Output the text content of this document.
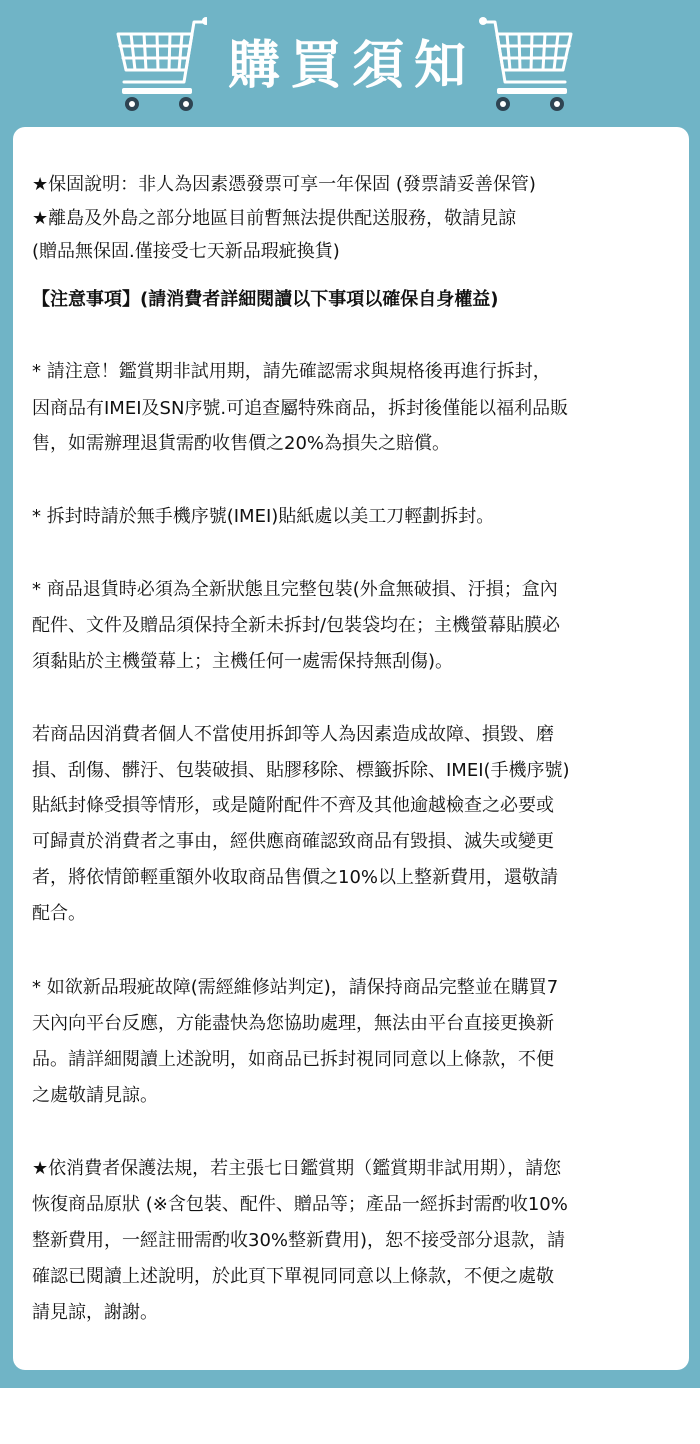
購買須知
★保固說明：非人為因素憑發票可享一年保固 (發票請妥善保管)
★離島及外島之部分地區目前暫無法提供配送服務，敬請見諒
(贈品無保固.僅接受七天新品瑕疵換貨)
【注意事項】(請消費者詳細閱讀以下事項以確保自身權益)
* 請注意！鑑賞期非試用期，請先確認需求與規格後再進行拆封，
因商品有IMEI及SN序號.可追查屬特殊商品，拆封後僅能以福利品販
售，如需辦理退貨需酌收售價之20%為損失之賠償。
* 拆封時請於無手機序號(IMEI)貼紙處以美工刀輕劃拆封。
* 商品退貨時必須為全新狀態且完整包裝(外盒無破損、汙損；盒內
配件、文件及贈品須保持全新未拆封/包裝袋均在；主機螢幕貼膜必
須黏貼於主機螢幕上；主機任何一處需保持無刮傷)。
若商品因消費者個人不當使用拆卸等人為因素造成故障、損毀、磨
損、刮傷、髒汙、包裝破損、貼膠移除、標籤拆除、IMEI(手機序號)
貼紙封條受損等情形，或是隨附配件不齊及其他逾越檢查之必要或
可歸責於消費者之事由，經供應商確認致商品有毀損、滅失或變更
者，將依情節輕重額外收取商品售價之10%以上整新費用，還敬請
配合。
* 如欲新品瑕疵故障(需經維修站判定)，請保持商品完整並在購買7
天內向平台反應，方能盡快為您協助處理，無法由平台直接更換新
品。請詳細閱讀上述說明，如商品已拆封視同同意以上條款，不便
之處敬請見諒。
★依消費者保護法規，若主張七日鑑賞期（鑑賞期非試用期），請您
恢復商品原狀 (※含包裝、配件、贈品等；產品一經拆封需酌收10%
整新費用，一經註冊需酌收30%整新費用)，恕不接受部分退款，請
確認已閱讀上述說明，於此頁下單視同同意以上條款，不便之處敬
請見諒，謝謝。
